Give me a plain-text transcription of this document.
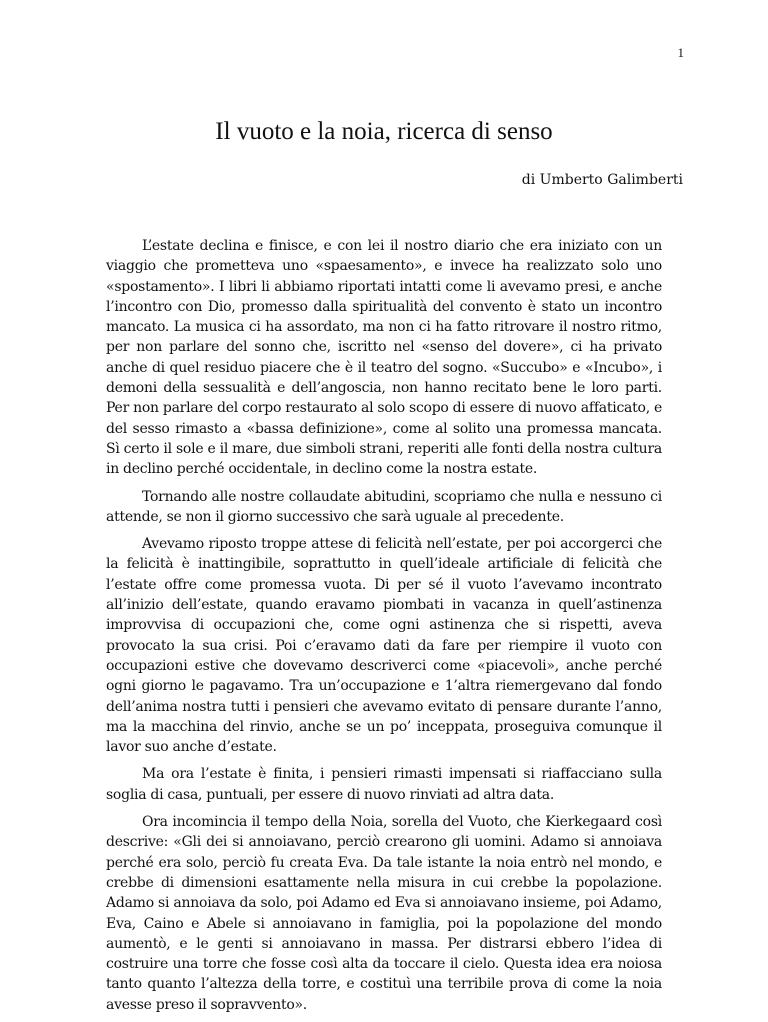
1
Il vuoto e la noia, ricerca di senso
di Umberto Galimberti

L’estate declina e finisce, e con lei il nostro diario che era iniziato con un viaggio che prometteva uno «spaesamento», e invece ha realizzato solo uno «spostamento». I libri li abbiamo riportati intatti come li avevamo presi, e anche l’incontro con Dio, promesso dalla spiritualità del convento è stato un incontro mancato. La musica ci ha assordato, ma non ci ha fatto ritrovare il nostro ritmo, per non parlare del sonno che, iscritto nel «senso del dovere», ci ha privato anche di quel residuo piacere che è il teatro del sogno. «Succubo» e «Incubo», i demoni della sessualità e dell’angoscia, non hanno recitato bene le loro parti. Per non parlare del corpo restaurato al solo scopo di essere di nuovo affaticato, e del sesso rimasto a «bassa definizione», come al solito una promessa mancata. Sì certo il sole e il mare, due simboli strani, reperiti alle fonti della nostra cultura in declino perché occidentale, in declino come la nostra estate.

Tornando alle nostre collaudate abitudini, scopriamo che nulla e nessuno ci attende, se non il giorno successivo che sarà uguale al precedente.

Avevamo riposto troppe attese di felicità nell’estate, per poi accorgerci che la felicità è inattingibile, soprattutto in quell’ideale artificiale di felicità che l’estate offre come promessa vuota. Di per sé il vuoto l’avevamo incontrato all’inizio dell’estate, quando eravamo piombati in vacanza in quell’astinenza improvvisa di occupazioni che, come ogni astinenza che si rispetti, aveva provocato la sua crisi. Poi c’eravamo dati da fare per riempire il vuoto con occupazioni estive che dovevamo descriverci come «piacevoli», anche perché ogni giorno le pagavamo. Tra un’occupazione e 1’altra riemergevano dal fondo dell’anima nostra tutti i pensieri che avevamo evitato di pensare durante l’anno, ma la macchina del rinvio, anche se un po’ inceppata, proseguiva comunque il lavor suo anche d’estate.

Ma ora l’estate è finita, i pensieri rimasti impensati si riaffacciano sulla soglia di casa, puntuali, per essere di nuovo rinviati ad altra data.

Ora incomincia il tempo della Noia, sorella del Vuoto, che Kierkegaard così descrive: «Gli dei si annoiavano, perciò crearono gli uomini. Adamo si annoiava perché era solo, perciò fu creata Eva. Da tale istante la noia entrò nel mondo, e crebbe di dimensioni esattamente nella misura in cui crebbe la popolazione. Adamo si annoiava da solo, poi Adamo ed Eva si annoiavano insieme, poi Adamo, Eva, Caino e Abele si annoiavano in famiglia, poi la popolazione del mondo aumentò, e le genti si annoiavano in massa. Per distrarsi ebbero l’idea di costruire una torre che fosse così alta da toccare il cielo. Questa idea era noiosa tanto quanto l’altezza della torre, e costituì una terribile prova di come la noia avesse preso il sopravvento».
